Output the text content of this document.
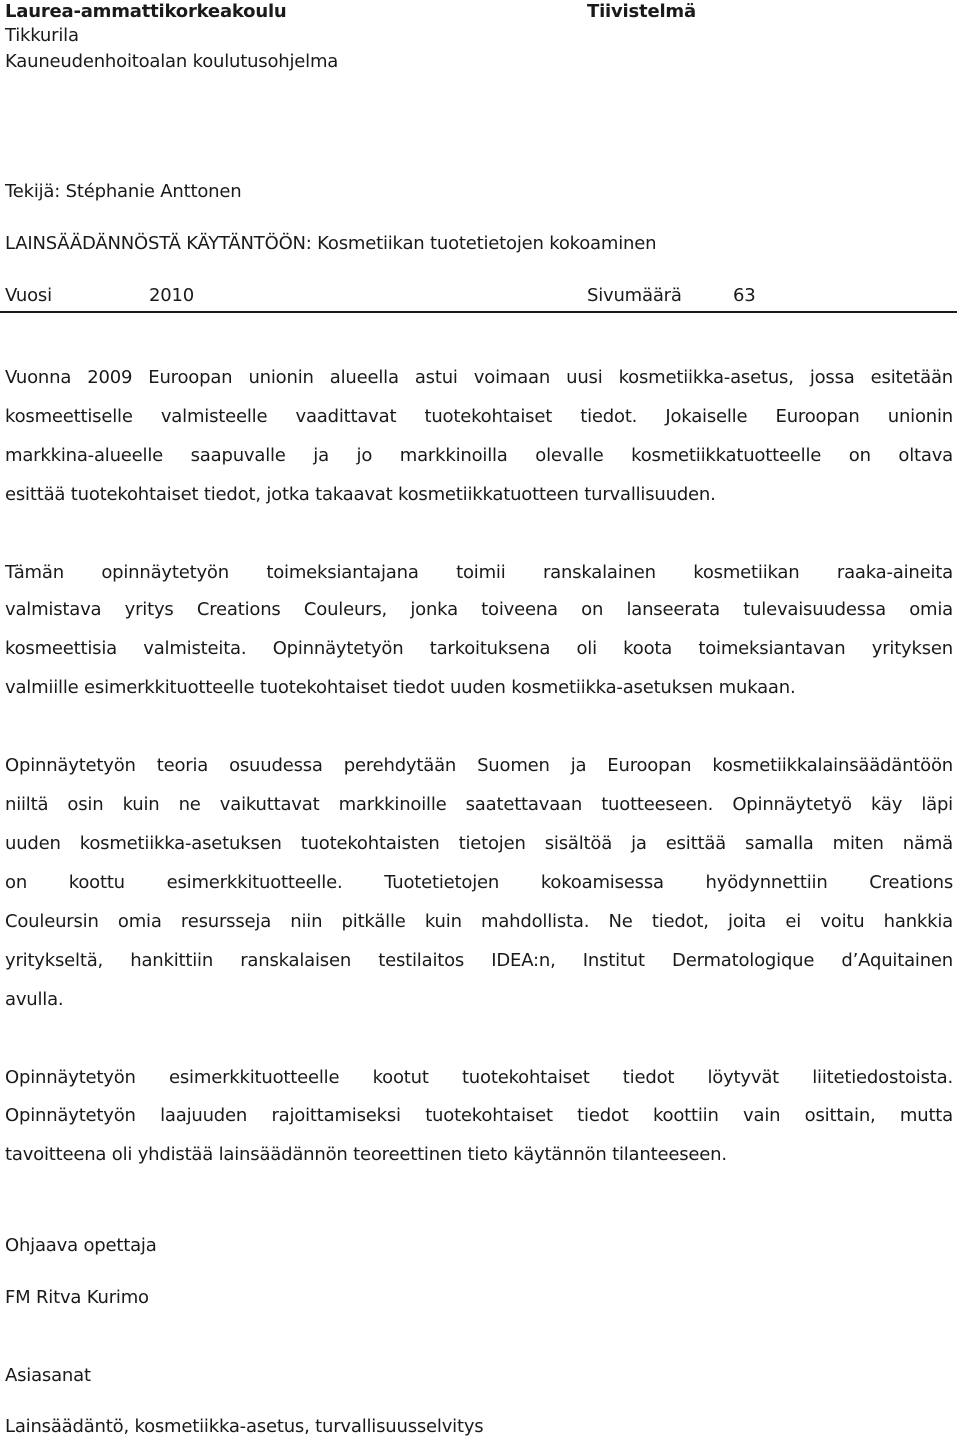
Laurea-ammattikorkeakoulu
Tikkurila
Kauneudenhoitoalan koulutusohjelma
Tiivistelmä
Tekijä: Stéphanie Anttonen
LAINSÄÄDÄNNÖSTÄ KÄYTÄNTÖÖN: Kosmetiikan tuotetietojen kokoaminen
Vuosi	2010	Sivumäärä	63
Vuonna 2009 Euroopan unionin alueella astui voimaan uusi kosmetiikka-asetus, jossa esitetään
kosmeettiselle valmisteelle vaadittavat tuotekohtaiset tiedot. Jokaiselle Euroopan unionin
markkina-alueelle saapuvalle ja jo markkinoilla olevalle kosmetiikkatuotteelle on oltava
esittää tuotekohtaiset tiedot, jotka takaavat kosmetiikkatuotteen turvallisuuden.
Tämän opinnäytetyön toimeksiantajana toimii ranskalainen kosmetiikan raaka-aineita
valmistava yritys Creations Couleurs, jonka toiveena on lanseerata tulevaisuudessa omia
kosmeettisia valmisteita. Opinnäytetyön tarkoituksena oli koota toimeksiantavan yrityksen
valmiille esimerkkituotteelle tuotekohtaiset tiedot uuden kosmetiikka-asetuksen mukaan.
Opinnäytetyön teoria osuudessa perehdytään Suomen ja Euroopan kosmetiikkalainsäädäntöön
niiltä osin kuin ne vaikuttavat markkinoille saatettavaan tuotteeseen. Opinnäytetyö käy läpi
uuden kosmetiikka-asetuksen tuotekohtaisten tietojen sisältöä ja esittää samalla miten nämä
on koottu esimerkkituotteelle. Tuotetietojen kokoamisessa hyödynnettiin Creations
Couleursin omia resursseja niin pitkälle kuin mahdollista. Ne tiedot, joita ei voitu hankkia
yritykseltä, hankittiin ranskalaisen testilaitos IDEA:n, Institut Dermatologique d’Aquitainen
avulla.
Opinnäytetyön esimerkkituotteelle kootut tuotekohtaiset tiedot löytyvät liitetiedostoista.
Opinnäytetyön laajuuden rajoittamiseksi tuotekohtaiset tiedot koottiin vain osittain, mutta
tavoitteena oli yhdistää lainsäädännön teoreettinen tieto käytännön tilanteeseen.
Ohjaava opettaja
FM Ritva Kurimo
Asiasanat
Lainsäädäntö, kosmetiikka-asetus, turvallisuusselvitys
